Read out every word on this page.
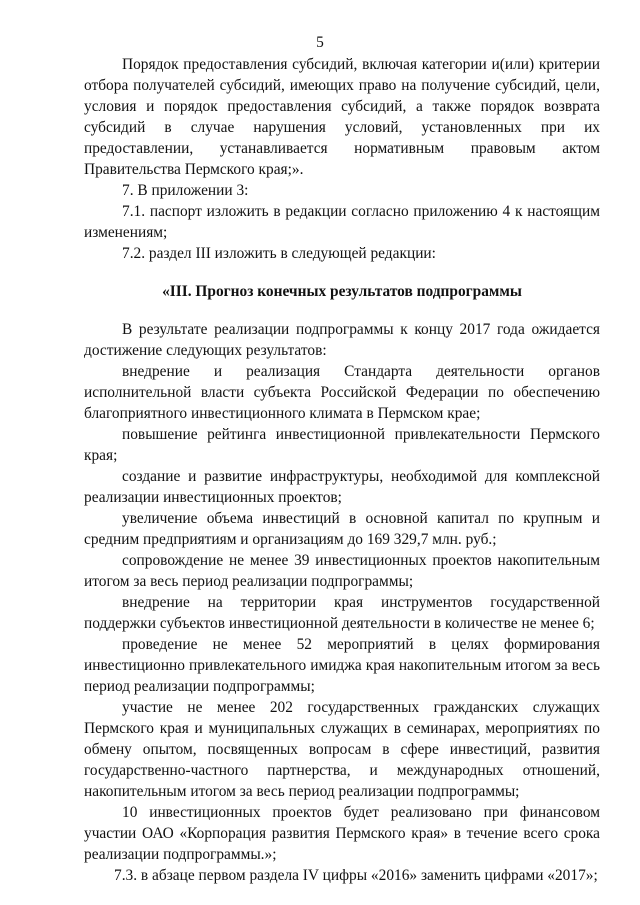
5

Порядок предоставления субсидий, включая категории и(или) критерии отбора получателей субсидий, имеющих право на получение субсидий, цели, условия и порядок предоставления субсидий, а также порядок возврата субсидий в случае нарушения условий, установленных при их предоставлении, устанавливается нормативным правовым актом Правительства Пермского края;».

7. В приложении 3:

7.1. паспорт изложить в редакции согласно приложению 4 к настоящим изменениям;

7.2. раздел III изложить в следующей редакции:

«III. Прогноз конечных результатов подпрограммы

В результате реализации подпрограммы к концу 2017 года ожидается достижение следующих результатов:

внедрение и реализация Стандарта деятельности органов исполнительной власти субъекта Российской Федерации по обеспечению благоприятного инвестиционного климата в Пермском крае;

повышение рейтинга инвестиционной привлекательности Пермского края;

создание и развитие инфраструктуры, необходимой для комплексной реализации инвестиционных проектов;

увеличение объема инвестиций в основной капитал по крупным и средним предприятиям и организациям до 169 329,7 млн. руб.;

сопровождение не менее 39 инвестиционных проектов накопительным итогом за весь период реализации подпрограммы;

внедрение на территории края инструментов государственной поддержки субъектов инвестиционной деятельности в количестве не менее 6;

проведение не менее 52 мероприятий в целях формирования инвестиционно привлекательного имиджа края накопительным итогом за весь период реализации подпрограммы;

участие не менее 202 государственных гражданских служащих Пермского края и муниципальных служащих в семинарах, мероприятиях по обмену опытом, посвященных вопросам в сфере инвестиций, развития государственно-частного партнерства, и международных отношений, накопительным итогом за весь период реализации подпрограммы;

10 инвестиционных проектов будет реализовано при финансовом участии ОАО «Корпорация развития Пермского края» в течение всего срока реализации подпрограммы.»;

7.3. в абзаце первом раздела IV цифры «2016» заменить цифрами «2017»;
